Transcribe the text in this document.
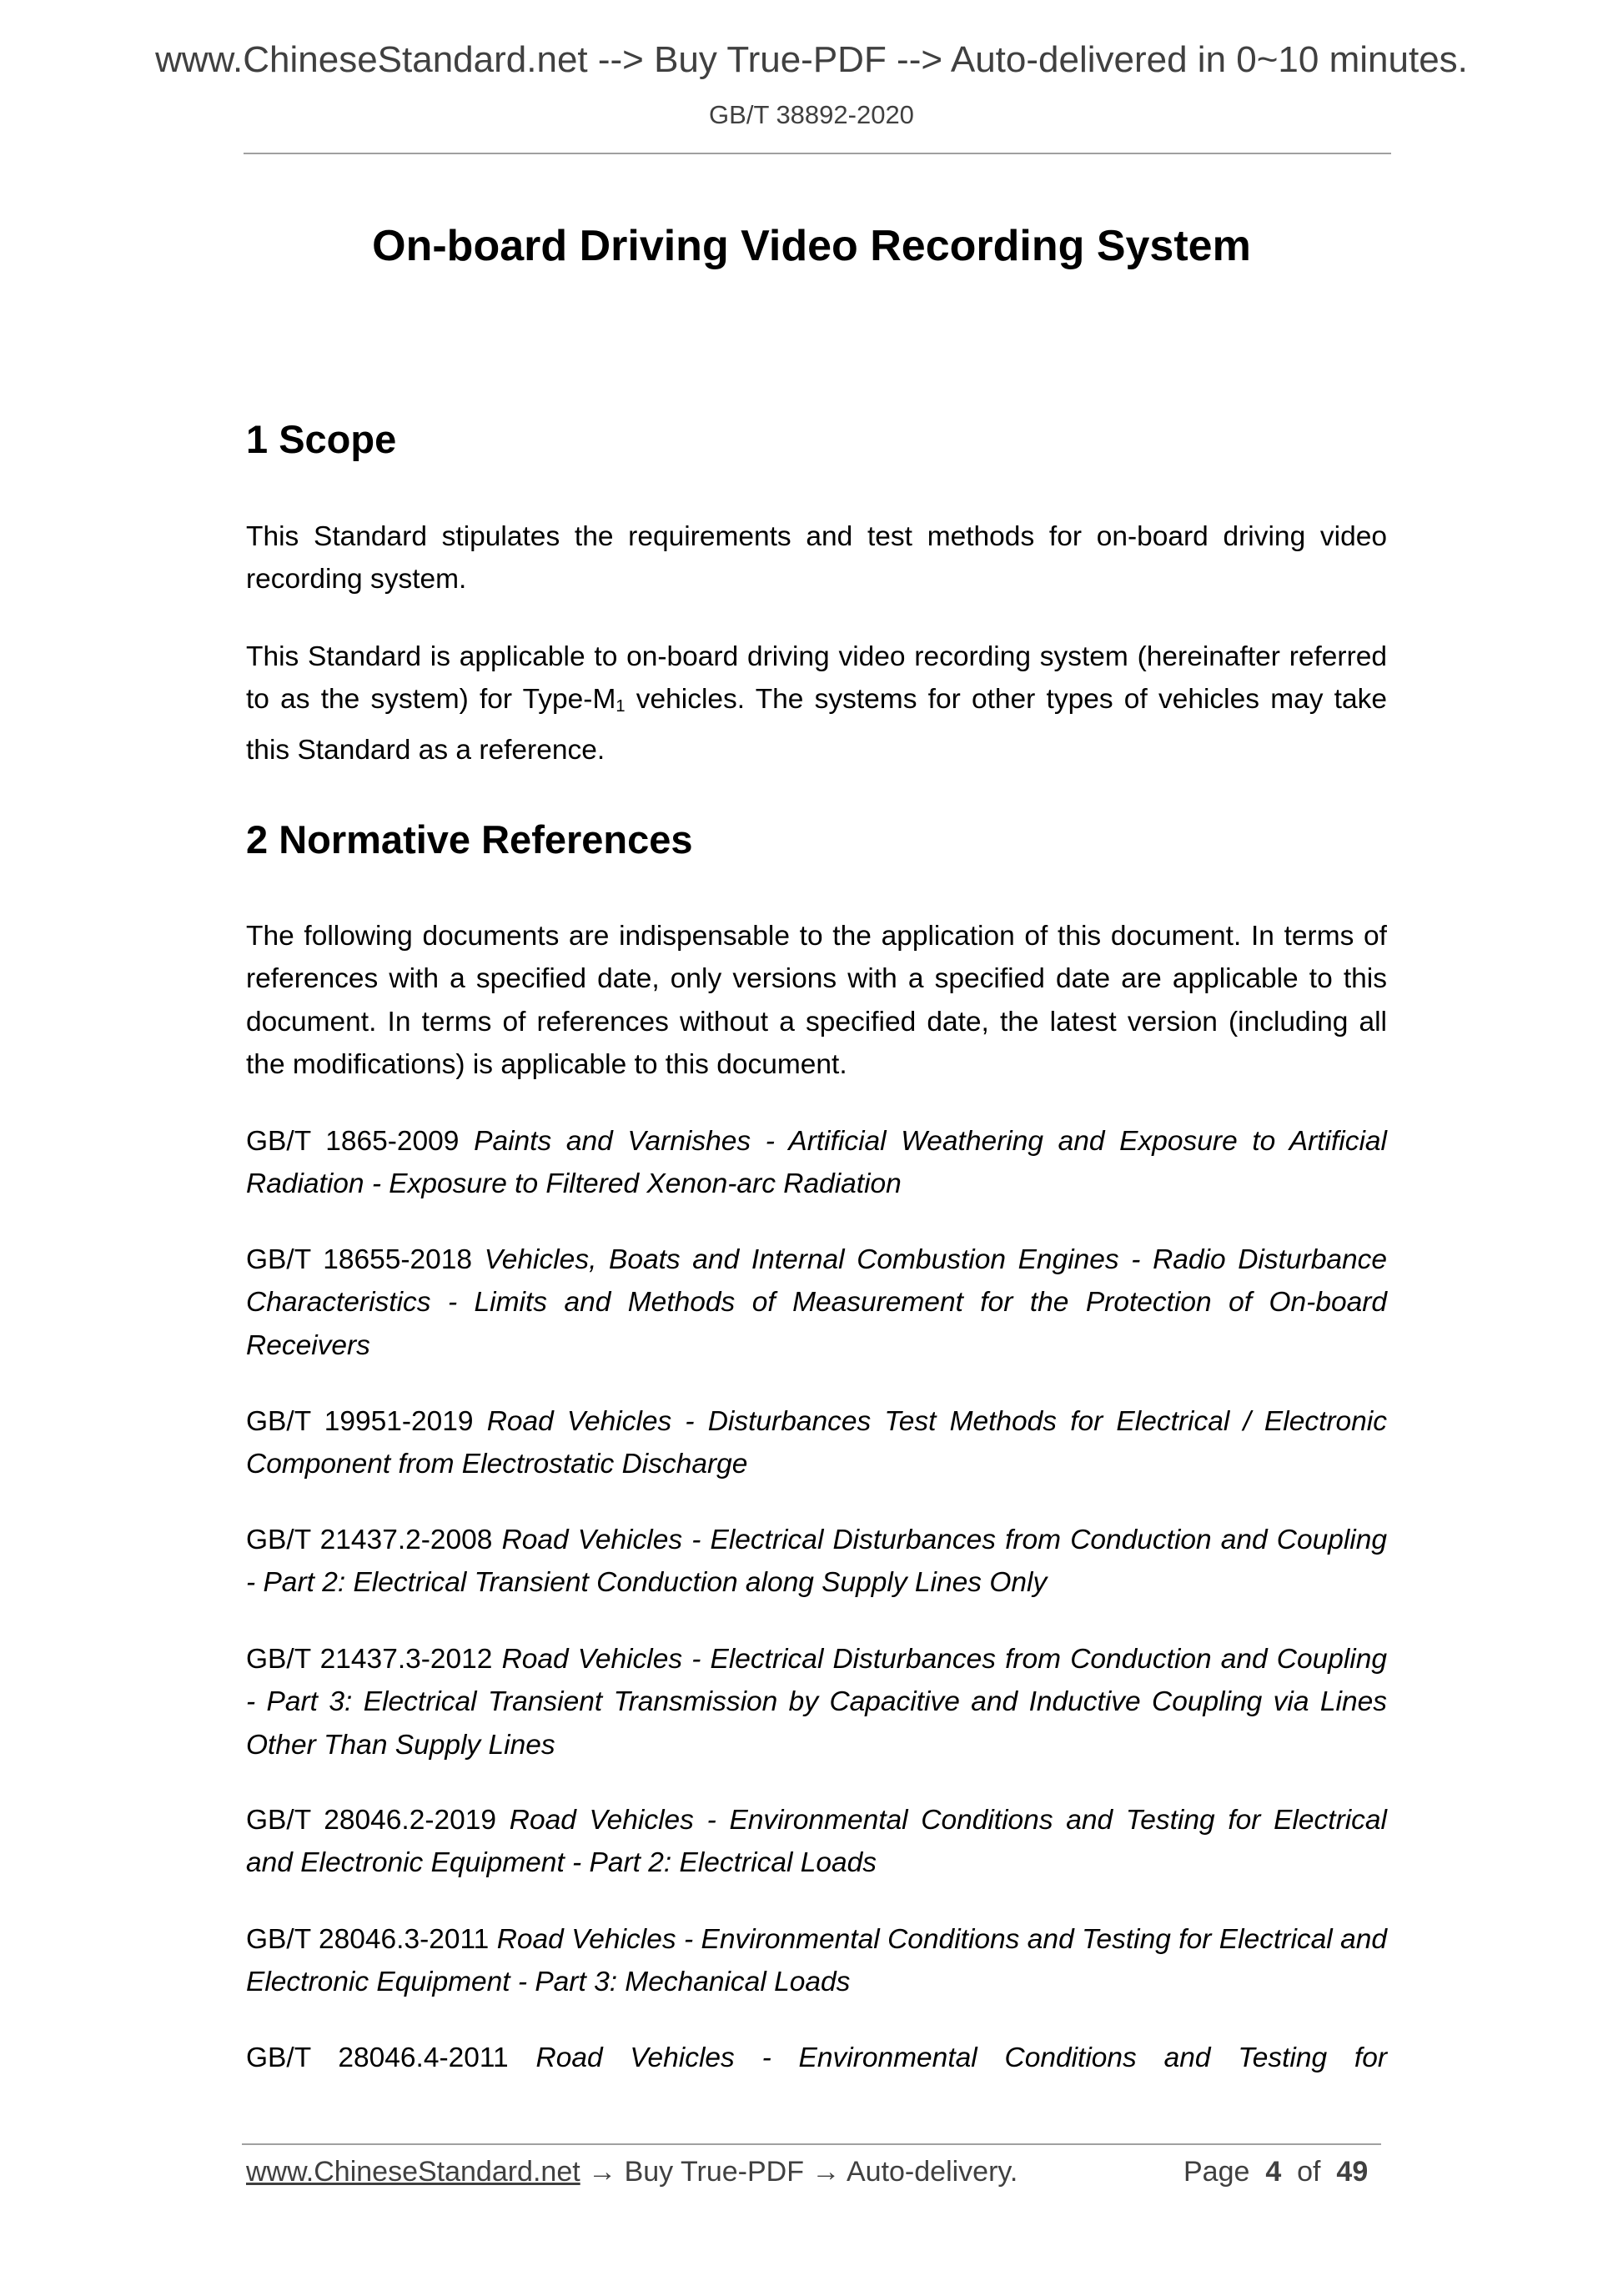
www.ChineseStandard.net --> Buy True-PDF --> Auto-delivered in 0~10 minutes.
GB/T 38892-2020
On-board Driving Video Recording System
1 Scope
This Standard stipulates the requirements and test methods for on-board driving video recording system.
This Standard is applicable to on-board driving video recording system (hereinafter referred to as the system) for Type-$M_1$ vehicles. The systems for other types of vehicles may take this Standard as a reference.
2 Normative References
The following documents are indispensable to the application of this document. In terms of references with a specified date, only versions with a specified date are applicable to this document. In terms of references without a specified date, the latest version (including all the modifications) is applicable to this document.
GB/T 1865-2009 Paints and Varnishes - Artificial Weathering and Exposure to Artificial Radiation - Exposure to Filtered Xenon-arc Radiation
GB/T 18655-2018 Vehicles, Boats and Internal Combustion Engines - Radio Disturbance Characteristics - Limits and Methods of Measurement for the Protection of On-board Receivers
GB/T 19951-2019 Road Vehicles - Disturbances Test Methods for Electrical / Electronic Component from Electrostatic Discharge
GB/T 21437.2-2008 Road Vehicles - Electrical Disturbances from Conduction and Coupling - Part 2: Electrical Transient Conduction along Supply Lines Only
GB/T 21437.3-2012 Road Vehicles - Electrical Disturbances from Conduction and Coupling - Part 3: Electrical Transient Transmission by Capacitive and Inductive Coupling via Lines Other Than Supply Lines
GB/T 28046.2-2019 Road Vehicles - Environmental Conditions and Testing for Electrical and Electronic Equipment - Part 2: Electrical Loads
GB/T 28046.3-2011 Road Vehicles - Environmental Conditions and Testing for Electrical and Electronic Equipment - Part 3: Mechanical Loads
GB/T 28046.4-2011 Road Vehicles - Environmental Conditions and Testing for
www.ChineseStandard.net → Buy True-PDF → Auto-delivery.	Page 4 of 49
